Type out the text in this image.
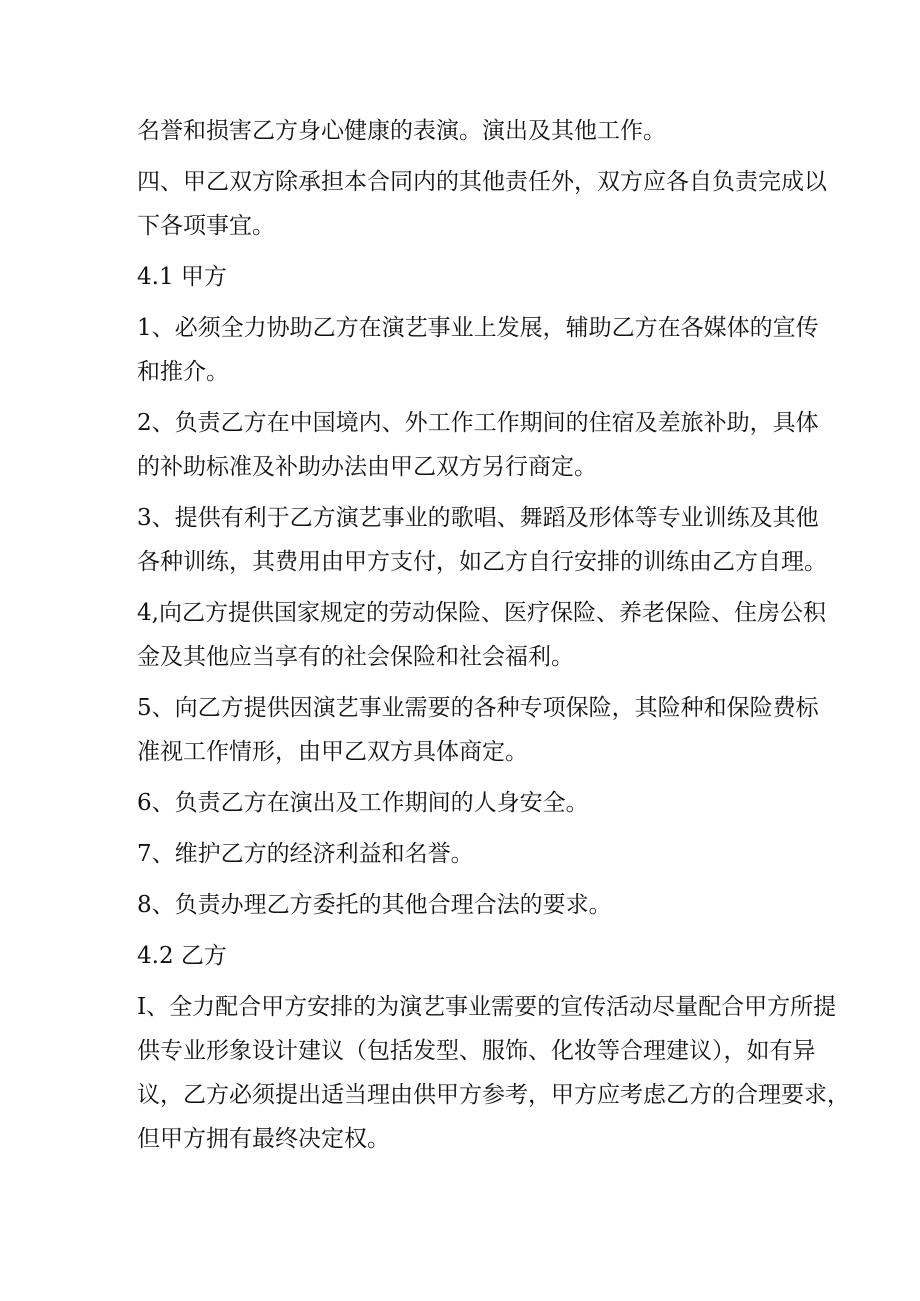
名誉和损害乙方身心健康的表演。演出及其他工作。

四、甲乙双方除承担本合同内的其他责任外，双方应各自负责完成以

下各项事宜。

4.1 甲方

1、必须全力协助乙方在演艺事业上发展，辅助乙方在各媒体的宣传

和推介。

2、负责乙方在中国境内、外工作工作期间的住宿及差旅补助，具体

的补助标准及补助办法由甲乙双方另行商定。

3、提供有利于乙方演艺事业的歌唱、舞蹈及形体等专业训练及其他

各种训练，其费用由甲方支付，如乙方自行安排的训练由乙方自理。

4,向乙方提供国家规定的劳动保险、医疗保险、养老保险、住房公积

金及其他应当享有的社会保险和社会福利。

5、向乙方提供因演艺事业需要的各种专项保险，其险种和保险费标

准视工作情形，由甲乙双方具体商定。

6、负责乙方在演出及工作期间的人身安全。

7、维护乙方的经济利益和名誉。

8、负责办理乙方委托的其他合理合法的要求。

4.2 乙方

I、全力配合甲方安排的为演艺事业需要的宣传活动尽量配合甲方所提

供专业形象设计建议（包括发型、服饰、化妆等合理建议），如有异

议，乙方必须提出适当理由供甲方参考，甲方应考虑乙方的合理要求，

但甲方拥有最终决定权。
